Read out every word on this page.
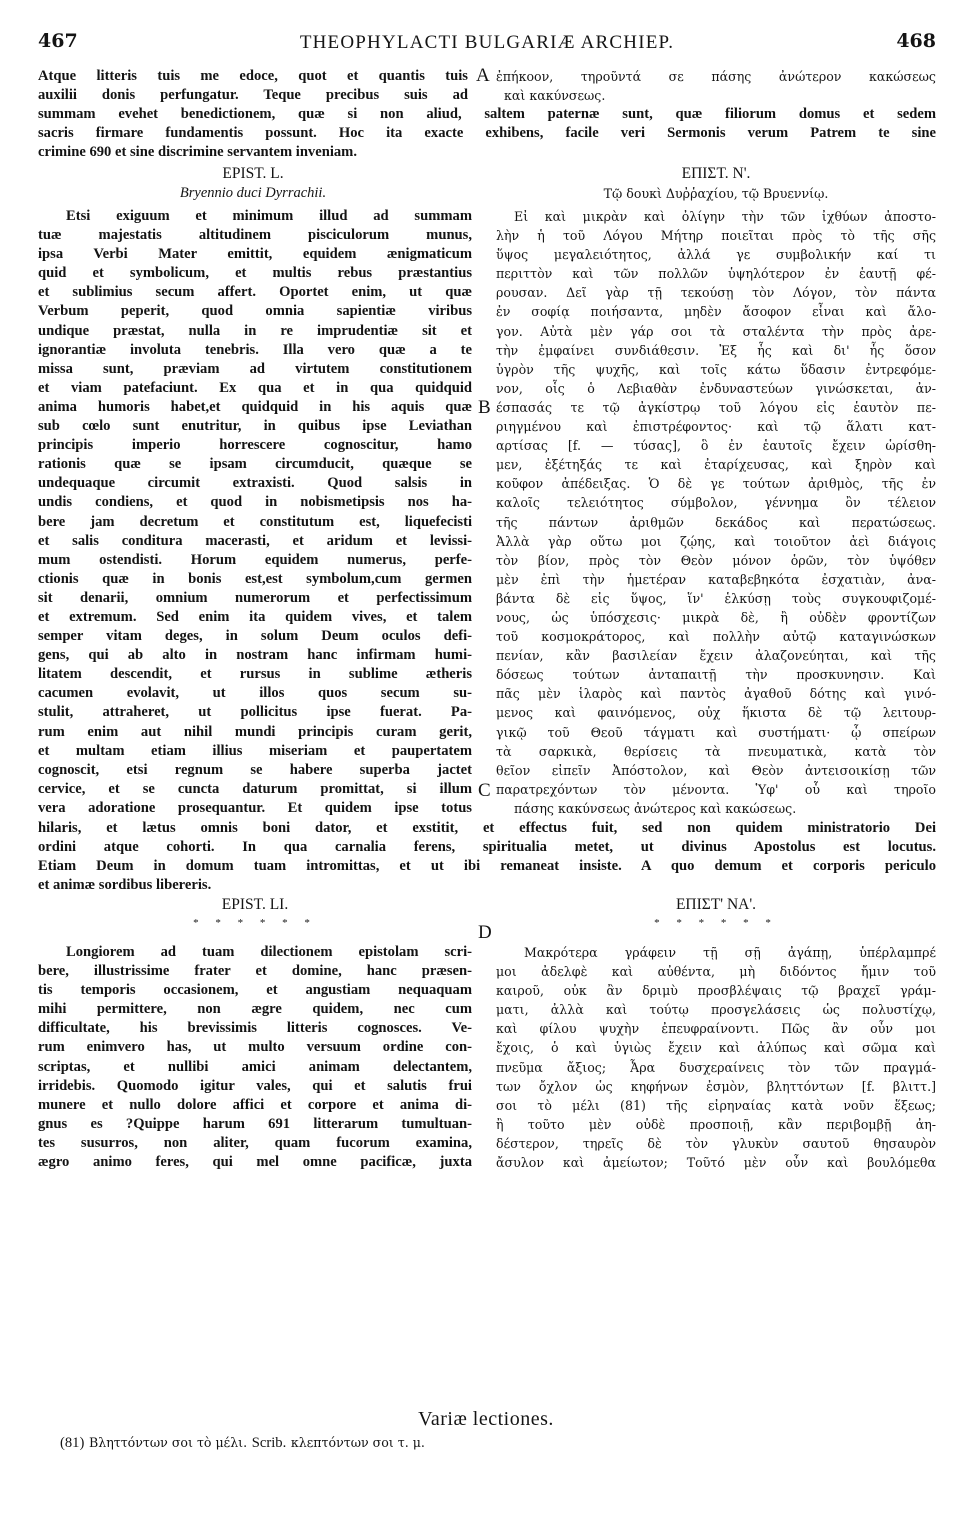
467	THEOPHYLACTI BULGARIÆ ARCHIEP.	468
Atque litteris tuis me edoce, quot et quantis tuis
auxilii donis perfungatur. Teque precibus suis ad
A ἐπήκοον, τηροῦντά σε πάσης ἀνώτερον κακώσεως
καὶ κακύνσεως.
summam evehet benedictionem, quæ si non aliud, saltem paternæ sunt, quæ filiorum domus et sedem
sacris firmare fundamentis possunt. Hoc ita exacte exhibens, facile veri Sermonis verum Patrem te sine
crimine 690 et sine discrimine servantem inveniam.
EPIST. L.
Bryennio duci Dyrrachii.
ΕΠΙΣΤ. Ν'.
Τῷ δουκὶ Δυῤῥαχίου, τῷ Βρυεννίῳ.
Etsi exiguum et minimum illud ad summam
tuæ majestatis altitudinem pisciculorum munus,
ipsa Verbi Mater emittit, equidem ænigmaticum
quid et symbolicum, et multis rebus præstantius
et sublimius secum affert. Oportet enim, ut quæ
Verbum peperit, quod omnia sapientiæ viribus
undique præstat, nulla in re imprudentiæ sit et
ignorantiæ involuta tenebris. Illa vero quæ a te
missa sunt, præviam ad virtutem constitutionem
et viam patefaciunt. Ex qua et in qua quidquid
anima humoris habet,et quidquid in his aquis quæ
sub cœlo sunt enutritur, in quibus ipse Leviathan
principis imperio horrescere cognoscitur, hamo
rationis quæ se ipsam circumducit, quæque se
undequaque circumit extraxisti. Quod salsis in
undis condiens, et quod in nobismetipsis nos ha-
bere jam decretum et constitutum est, liquefecisti
et salis conditura macerasti, et aridum et levissi-
mum ostendisti. Horum equidem numerus, perfe-
ctionis quæ in bonis est,est symbolum,cum germen
sit denarii, omnium numerorum et perfectissimum
et extremum. Sed enim ita quidem vives, et talem
semper vitam deges, in solum Deum oculos defi-
gens, qui ab alto in nostram hanc infirmam humi-
litatem descendit, et rursus in sublime ætheris
cacumen evolavit, ut illos quos secum su-
stulit, attraheret, ut pollicitus ipse fuerat. Pa-
rum enim aut nihil mundi principis curam gerit,
et multam etiam illius miseriam et paupertatem
cognoscit, etsi regnum se habere superba jactet
cervice, et se cuncta daturum promittat, si illum
vera adoratione prosequantur. Et quidem ipse totus
B
C
Εἰ καὶ μικρὰν καὶ ὀλίγην τὴν τῶν ἰχθύων ἀποστο-
λὴν ἡ τοῦ Λόγου Μήτηρ ποιεῖται πρὸς τὸ τῆς σῆς
ὕψος μεγαλειότητος, ἀλλά γε συμβολικήν καί τι
περιττὸν καὶ τῶν πολλῶν ὑψηλότερον ἐν ἑαυτῇ φέ-
ρουσαν. Δεῖ γὰρ τῇ τεκούσῃ τὸν Λόγον, τὸν πάντα
ἐν σοφίᾳ ποιήσαντα, μηδὲν ἄσοφον εἶναι καὶ ἄλο-
γον. Αὐτὰ μὲν γάρ σοι τὰ σταλέντα τὴν πρὸς ἀρε-
τὴν ἐμφαίνει συνδιάθεσιν. Ἐξ ἧς καὶ δι' ἧς ὅσον
ὑγρὸν τῆς ψυχῆς, καὶ τοῖς κάτω ὕδασιν ἐντρεφόμε-
νον, οἷς ὁ Λεβιαθὰν ἐνδυναστεύων γινώσκεται, ἀν-
έσπασάς τε τῷ ἀγκίστρῳ τοῦ λόγου εἰς ἑαυτὸν πε-
ριηγμένου καὶ ἐπιστρέφοντος· καὶ τῷ ἅλατι κατ-
αρτίσας [f. — τύσας], ὃ ἐν ἑαυτοῖς ἔχειν ὡρίσθη-
μεν, ἐξέτηξάς τε καὶ ἐταρίχευσας, καὶ ξηρὸν καὶ
κοῦφον ἀπέδειξας. Ὁ δὲ γε τούτων ἀριθμὸς, τῆς ἐν
καλοῖς τελειότητος σύμβολον, γέννημα ὂν τέλειον
τῆς πάντων ἀριθμῶν δεκάδος καὶ περατώσεως.
Ἀλλὰ γὰρ οὕτω μοι ζῴης, καὶ τοιοῦτον ἀεὶ διάγοις
τὸν βίον, πρὸς τὸν Θεὸν μόνον ὁρῶν, τὸν ὑψόθεν
μὲν ἐπὶ τὴν ἡμετέραν καταβεβηκότα ἐσχατιὰν, ἀνα-
βάντα δὲ εἰς ὕψος, ἵν' ἑλκύσῃ τοὺς συγκουφιζομέ-
νους, ὡς ὑπόσχεσις· μικρὰ δὲ, ἢ οὐδὲν φροντίζων
τοῦ κοσμοκράτορος, καὶ πολλὴν αὐτῷ καταγινώσκων
πενίαν, κἂν βασιλείαν ἔχειν ἀλαζονεύηται, καὶ τῆς
δόσεως τούτων ἀνταπαιτῇ τὴν προσκυνησιν. Καὶ
πᾶς μὲν ἱλαρὸς καὶ παντὸς ἀγαθοῦ δότης καὶ γινό-
μενος καὶ φαινόμενος, οὐχ ἥκιστα δὲ τῷ λειτουρ-
γικῷ τοῦ Θεοῦ τάγματι καὶ συστήματι· ᾧ σπείρων
τὰ σαρκικὰ, θερίσεις τὰ πνευματικὰ, κατὰ τὸν
θεῖον εἰπεῖν Ἀπόστολον, καὶ Θεὸν ἀντεισοικίσῃ τῶν
παρατρεχόντων τὸν μένοντα. Ὑφ' οὗ καὶ τηροῖο
πάσης κακύνσεως ἀνώτερος καὶ κακώσεως.
hilaris, et lætus omnis boni dator, et exstitit, et effectus fuit, sed non quidem ministratorio Dei
ordini atque cohorti. In qua carnalia ferens, spiritualia metet, ut divinus Apostolus est locutus.
Etiam Deum in domum tuam intromittas, et ut ibi remaneat insiste. A quo demum et corporis periculo
et animæ sordibus libereris.
EPIST. LI.
* * * * * *
ΕΠΙΣΤ' ΝΑ'.
* * * * * *
D
Longiorem ad tuam dilectionem epistolam scri-
bere, illustrissime frater et domine, hanc præsen-
tis temporis occasionem, et angustiam nequaquam
mihi permittere, non ægre quidem, nec cum
difficultate, his brevissimis litteris cognosces. Ve-
rum enimvero has, ut multo versuum ordine con-
scriptas, et nullibi amici animam delectantem,
irridebis. Quomodo igitur vales, qui et salutis frui
munere et nullo dolore affici et corpore et anima di-
gnus es ?Quippe harum 691 litterarum tumultuan-
tes susurros, non aliter, quam fucorum examina,
ægro animo feres, qui mel omne pacificæ, juxta
Μακρότερα γράφειν τῇ σῇ ἀγάπῃ, ὑπέρλαμπρέ
μοι ἀδελφὲ καὶ αὐθέντα, μὴ διδόντος ἤμιν τοῦ
καιροῦ, οὐκ ἂν δριμὺ προσβλέψαις τῷ βραχεῖ γράμ-
ματι, ἀλλὰ καὶ τούτῳ προσγελάσεις ὡς πολυστίχῳ,
καὶ φίλου ψυχὴν ἐπευφραίνοντι. Πῶς ἂν οὖν μοι
ἔχοις, ὁ καὶ ὑγιὼς ἔχειν καὶ ἀλύπως καὶ σῶμα καὶ
πνεῦμα ἄξιος; Ἆρα δυσχεραίνεις τὸν τῶν πραγμά-
των ὄχλον ὡς κηφήνων ἐσμὸν, βληττόντων [f. βλιττ.]
σοι τὸ μέλι (81) τῆς εἰρηναίας κατὰ νοῦν ἕξεως;
ἢ τοῦτο μὲν οὐδὲ προσποιῇ, κἂν περιβομβῇ ἀη-
δέστερον, τηρεῖς δὲ τὸν γλυκὺν σαυτοῦ θησαυρὸν
ἄσυλον καὶ ἀμείωτον; Τοῦτό μὲν οὖν καὶ βουλόμεθα
Variæ lectiones.
(81) Βληττόντων σοι τὸ μέλι. Scrib. κλεπτόντων σοι τ. μ.
